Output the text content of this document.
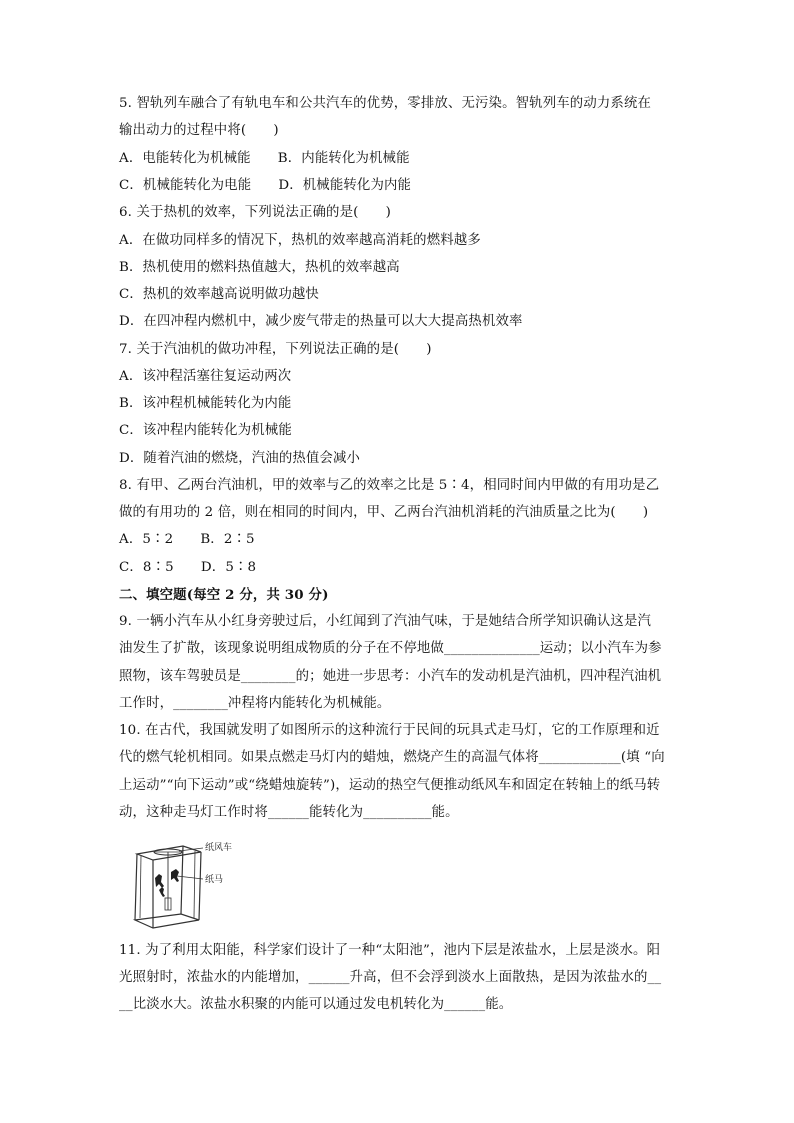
5. 智轨列车融合了有轨电车和公共汽车的优势，零排放、无污染。智轨列车的动力系统在
输出动力的过程中将(　　)
A．电能转化为机械能　　B．内能转化为机械能
C．机械能转化为电能　　D．机械能转化为内能
6. 关于热机的效率，下列说法正确的是(　　)
A．在做功同样多的情况下，热机的效率越高消耗的燃料越多
B．热机使用的燃料热值越大，热机的效率越高
C．热机的效率越高说明做功越快
D．在四冲程内燃机中，减少废气带走的热量可以大大提高热机效率
7. 关于汽油机的做功冲程，下列说法正确的是(　　)
A．该冲程活塞往复运动两次
B．该冲程机械能转化为内能
C．该冲程内能转化为机械能
D．随着汽油的燃烧，汽油的热值会减小
8. 有甲、乙两台汽油机，甲的效率与乙的效率之比是 5∶4，相同时间内甲做的有用功是乙
做的有用功的 2 倍，则在相同的时间内，甲、乙两台汽油机消耗的汽油质量之比为(　　)
A．5∶2　　B．2∶5
C．8∶5　　D．5∶8
二、填空题(每空 2 分，共 30 分)
9. 一辆小汽车从小红身旁驶过后，小红闻到了汽油气味，于是她结合所学知识确认这是汽
油发生了扩散，该现象说明组成物质的分子在不停地做______________运动；以小汽车为参
照物，该车驾驶员是________的；她进一步思考：小汽车的发动机是汽油机，四冲程汽油机
工作时，________冲程将内能转化为机械能。
10. 在古代，我国就发明了如图所示的这种流行于民间的玩具式走马灯，它的工作原理和近
代的燃气轮机相同。如果点燃走马灯内的蜡烛，燃烧产生的高温气体将____________(填 “向
上运动”“向下运动”或“绕蜡烛旋转”)，运动的热空气便推动纸风车和固定在转轴上的纸马转
动，这种走马灯工作时将______能转化为__________能。
纸风车
纸马
11. 为了利用太阳能，科学家们设计了一种“太阳池”，池内下层是浓盐水，上层是淡水。阳
光照射时，浓盐水的内能增加，______升高，但不会浮到淡水上面散热，是因为浓盐水的__
__比淡水大。浓盐水积聚的内能可以通过发电机转化为______能。
